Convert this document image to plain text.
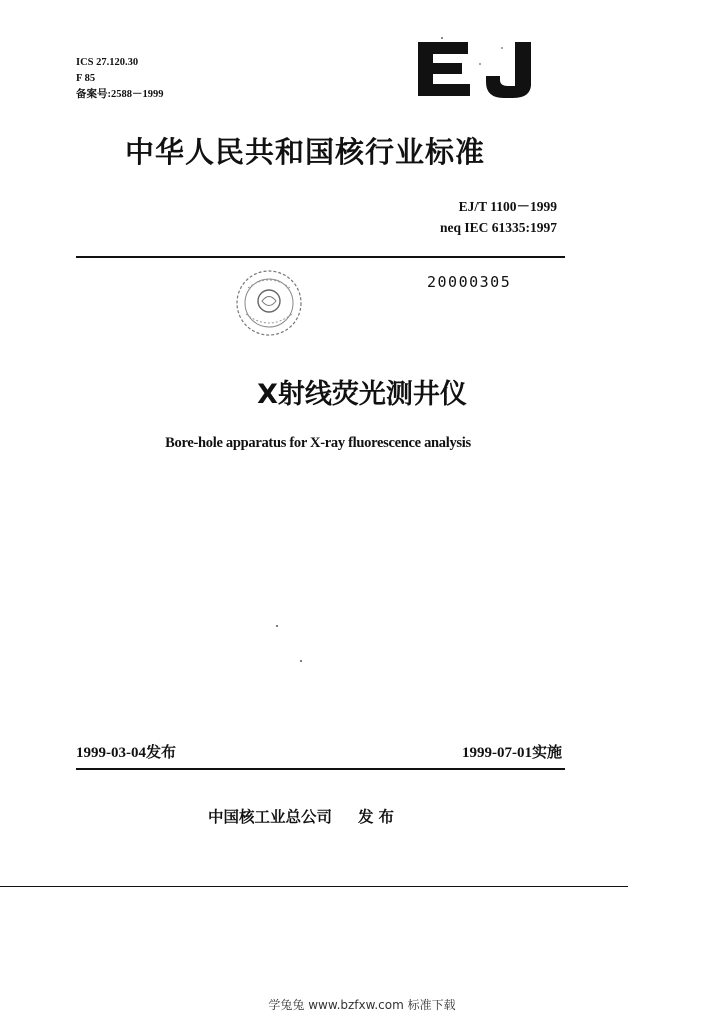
ICS 27.120.30
F 85
备案号:2588－1999
中华人民共和国核行业标准
EJ/T 1100－1999
neq IEC 61335:1997
20000305
X射线荧光测井仪
Bore-hole apparatus for X-ray fluorescence analysis
1999-03-04发布	1999-07-01实施
中国核工业总公司 发布
学兔兔 www.bzfxw.com 标准下载
